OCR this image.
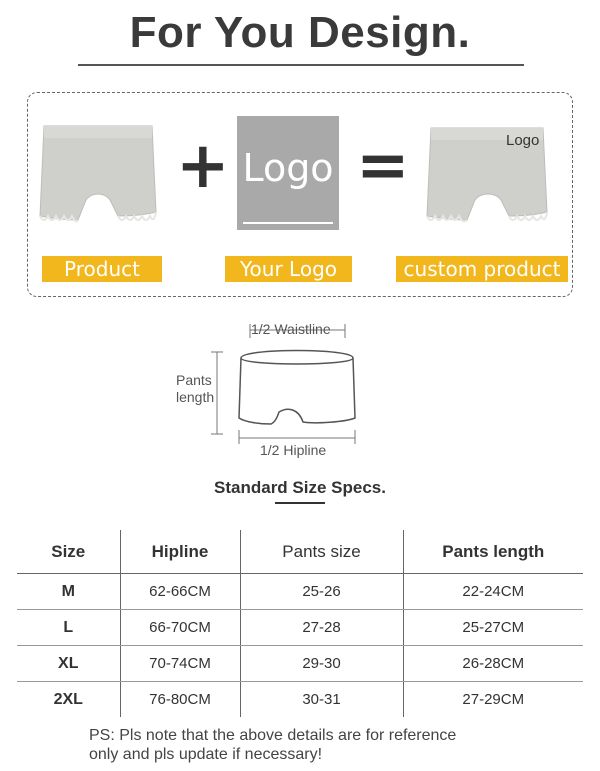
For You Design.
+ Logo =	Logo
Product	Your Logo	custom product
1/2 Waistline
Pants
length
1/2 Hipline
Standard Size Specs.
Size	Hipline	Pants size	Pants length
M	62-66CM	25-26	22-24CM
L	66-70CM	27-28	25-27CM
XL	70-74CM	29-30	26-28CM
2XL	76-80CM	30-31	27-29CM
PS: Pls note that the above details are for reference
only and pls update if necessary!
